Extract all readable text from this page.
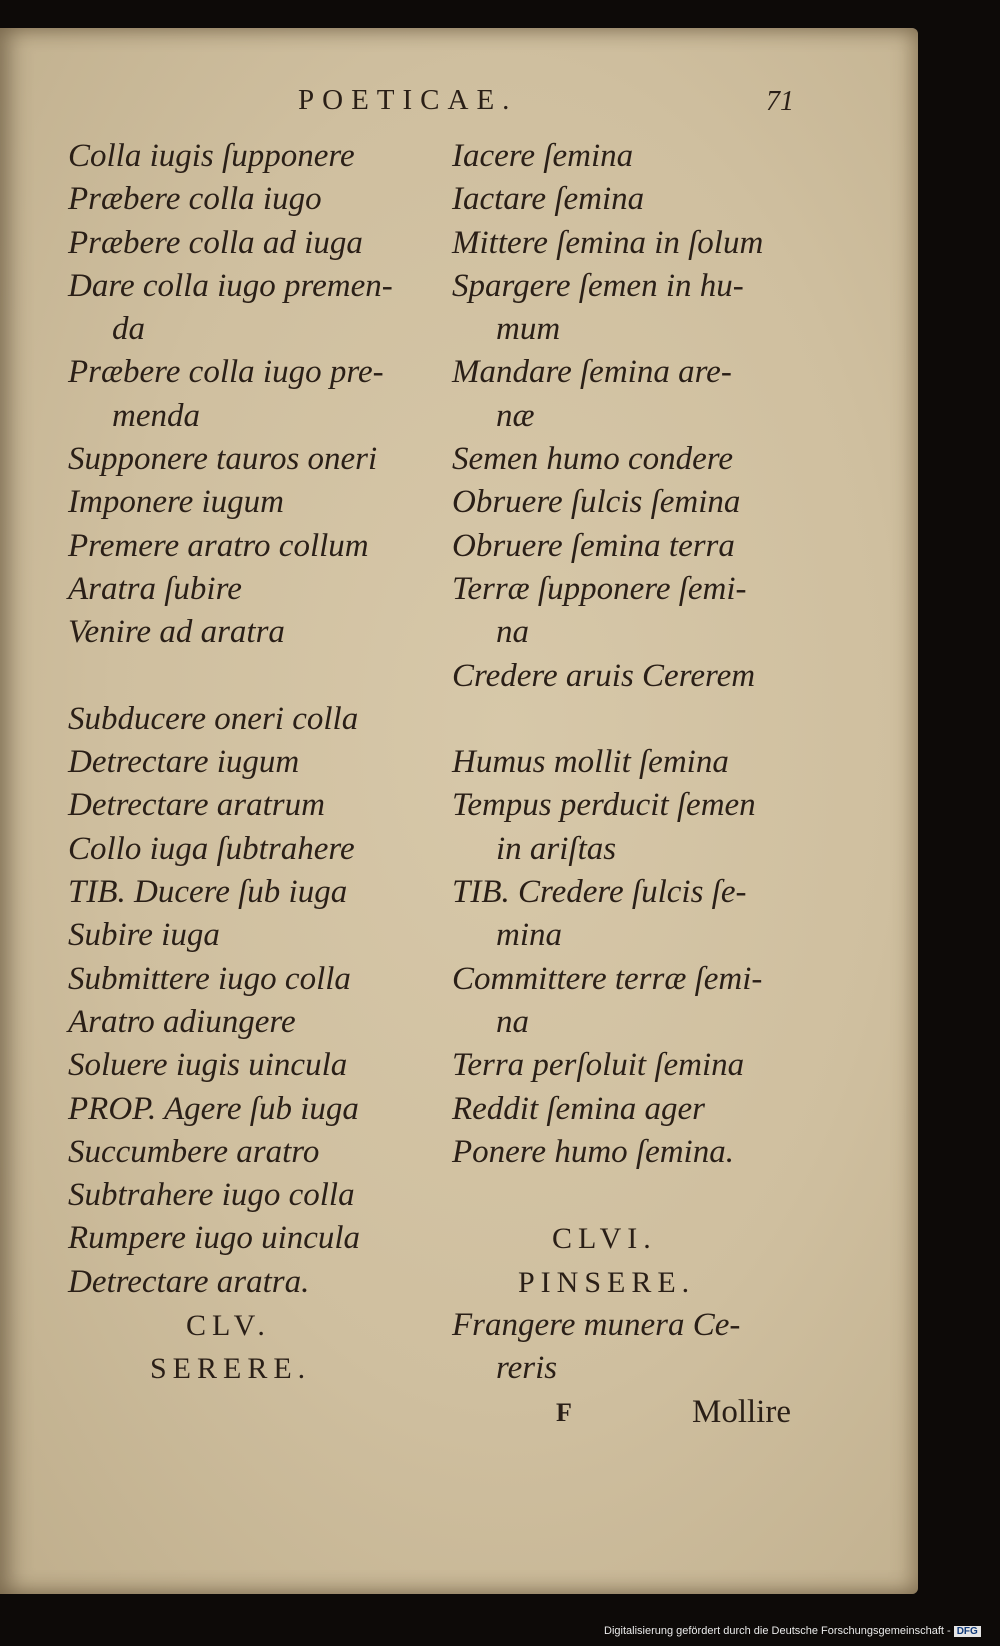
POETICAE.	71
Colla iugis ſupponere
Præbere colla iugo
Præbere colla ad iuga
Dare colla iugo premen-
da
Præbere colla iugo pre-
menda
Supponere tauros oneri
Imponere iugum
Premere aratro collum
Aratra ſubire
Venire ad aratra
Subducere oneri colla
Detrectare iugum
Detrectare aratrum
Collo iuga ſubtrahere
TIB. Ducere ſub iuga
Subire iuga
Submittere iugo colla
Aratro adiungere
Soluere iugis uincula
PROP. Agere ſub iuga
Succumbere aratro
Subtrahere iugo colla
Rumpere iugo uincula
Detrectare aratra.
CLV.
SERERE.
Iacere ſemina
Iactare ſemina
Mittere ſemina in ſolum
Spargere ſemen in hu-
mum
Mandare ſemina are-
næ
Semen humo condere
Obruere ſulcis ſemina
Obruere ſemina terra
Terræ ſupponere ſemi-
na
Credere aruis Cererem
Humus mollit ſemina
Tempus perducit ſemen
in ariſtas
TIB. Credere ſulcis ſe-
mina
Committere terræ ſemi-
na
Terra perſoluit ſemina
Reddit ſemina ager
Ponere humo ſemina.
CLVI.
PINSERE.
Frangere munera Ce-
reris
F	Mollire
Digitalisierung gefördert durch die Deutsche Forschungsgemeinschaft - DFG
